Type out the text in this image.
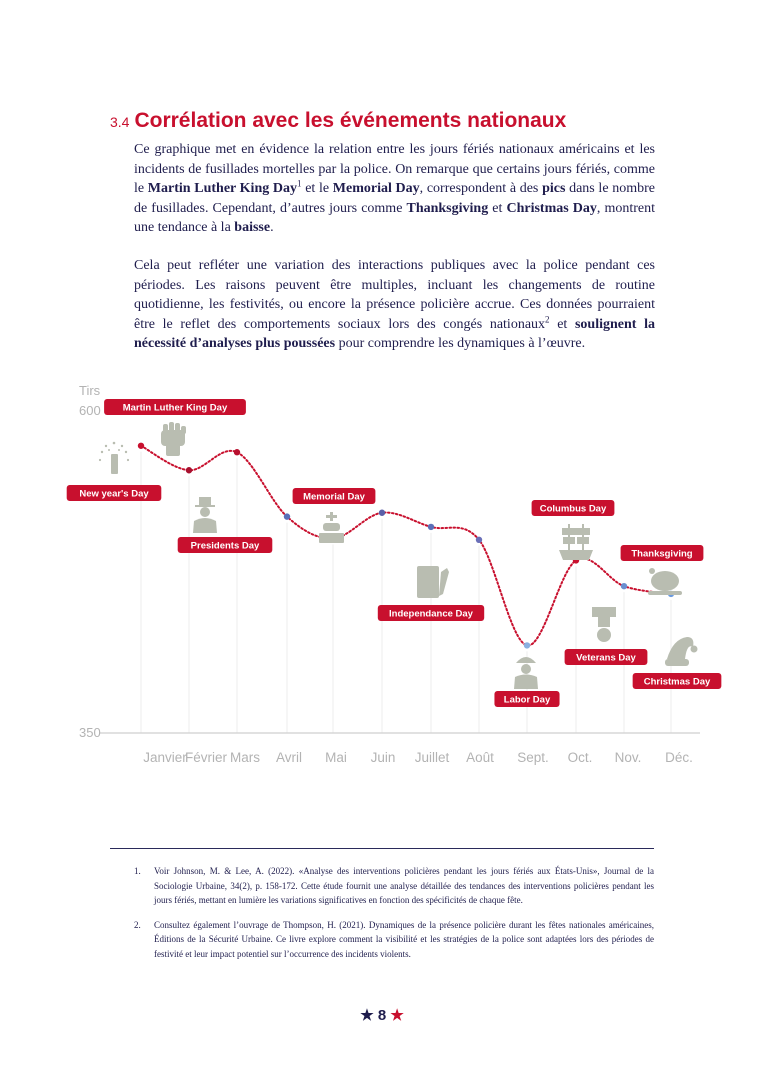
3.4 Corrélation avec les événements nationaux

Ce graphique met en évidence la relation entre les jours fériés nationaux américains et les incidents de fusillades mortelles par la police. On remarque que certains jours fériés, comme le Martin Luther King Day$^1$ et le Memorial Day, correspondent à des pics dans le nombre de fusillades. Cependant, d’autres jours comme Thanksgiving et Christmas Day, montrent une tendance à la baisse.

Cela peut refléter une variation des interactions publiques avec la police pendant ces périodes. Les raisons peuvent être multiples, incluant les changements de routine quotidienne, les festivités, ou encore la présence policière accrue. Ces données pourraient être le reflet des comportements sociaux lors des congés nationaux$^2$ et soulignent la nécessité d’analyses plus poussées pour comprendre les dynamiques à l’œuvre.

Tirs
600
350
Janvier
Février Mars Avril Mai Juin Juillet Août Sept. Oct. Nov. Déc.
New year's Day
Martin Luther King Day
Presidents Day
Memorial Day
Independance Day
Labor Day
Columbus Day
Veterans Day
Thanksgiving
Christmas Day
1. Voir Johnson, M. & Lee, A. (2022). «Analyse des interventions policières pendant les jours fériés aux États-Unis», Journal de la Sociologie Urbaine, 34(2), p. 158-172. Cette étude fournit une analyse détaillée des tendances des interventions policières pendant les jours fériés, mettant en lumière les variations significatives en fonction des spécificités de chaque fête.
2. Consultez également l’ouvrage de Thompson, H. (2021). Dynamiques de la présence policière durant les fêtes nationales américaines, Éditions de la Sécurité Urbaine. Ce livre explore comment la visibilité et les stratégies de la police sont adaptées lors des périodes de festivité et leur impact potentiel sur l’occurrence des incidents violents.
★ 8 ★
